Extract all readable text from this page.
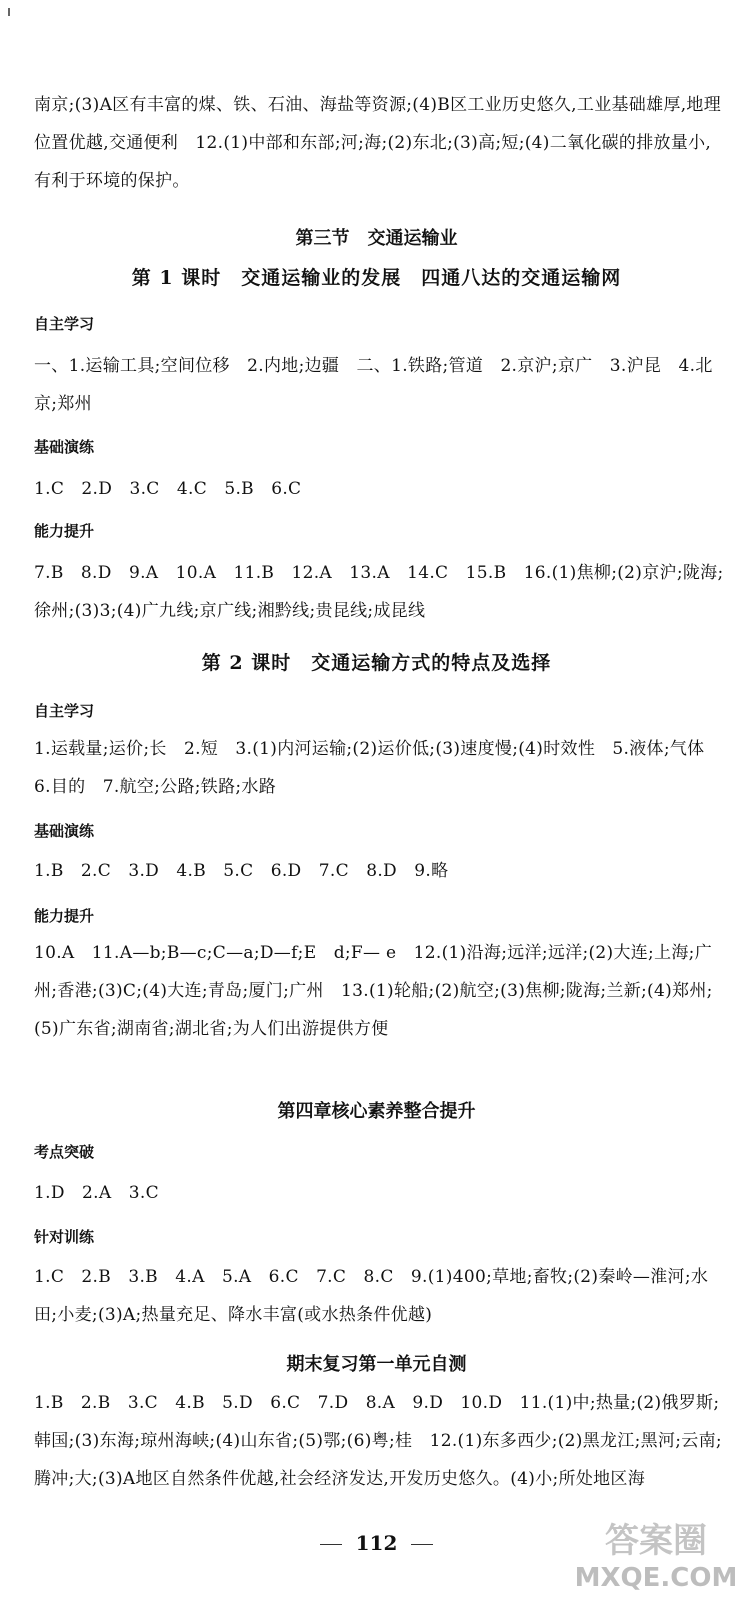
南京;(3)A区有丰富的煤、铁、石油、海盐等资源;(4)B区工业历史悠久,工业基础雄厚,地理位置优越,交通便利　12.(1)中部和东部;河;海;(2)东北;(3)高;短;(4)二氧化碳的排放量小,有利于环境的保护。

第三节　交通运输业
第 1 课时　交通运输业的发展　四通八达的交通运输网
自主学习

一、1.运输工具;空间位移　2.内地;边疆　二、1.铁路;管道　2.京沪;京广　3.沪昆　4.北京;郑州

基础演练

1.C　2.D　3.C　4.C　5.B　6.C

能力提升

7.B　8.D　9.A　10.A　11.B　12.A　13.A　14.C　15.B　16.(1)焦柳;(2)京沪;陇海;徐州;(3)3;(4)广九线;京广线;湘黔线;贵昆线;成昆线

第 2 课时　交通运输方式的特点及选择
自主学习

1.运载量;运价;长　2.短　3.(1)内河运输;(2)运价低;(3)速度慢;(4)时效性　5.液体;气体　6.目的　7.航空;公路;铁路;水路

基础演练

1.B　2.C　3.D　4.B　5.C　6.D　7.C　8.D　9.略

能力提升

10.A　11.A—b;B—c;C—a;D—f;E　d;F— e　12.(1)沿海;远洋;远洋;(2)大连;上海;广州;香港;(3)C;(4)大连;青岛;厦门;广州　13.(1)轮船;(2)航空;(3)焦柳;陇海;兰新;(4)郑州;(5)广东省;湖南省;湖北省;为人们出游提供方便

第四章核心素养整合提升
考点突破

1.D　2.A　3.C

针对训练

1.C　2.B　3.B　4.A　5.A　6.C　7.C　8.C　9.(1)400;草地;畜牧;(2)秦岭—淮河;水田;小麦;(3)A;热量充足、降水丰富(或水热条件优越)

期末复习第一单元自测

1.B　2.B　3.C　4.B　5.D　6.C　7.D　8.A　9.D　10.D　11.(1)中;热量;(2)俄罗斯;韩国;(3)东海;琼州海峡;(4)山东省;(5)鄂;(6)粤;桂　12.(1)东多西少;(2)黑龙江;黑河;云南;腾冲;大;(3)A地区自然条件优越,社会经济发达,开发历史悠久。(4)小;所处地区海

112	答案圈
MXQE.COM
